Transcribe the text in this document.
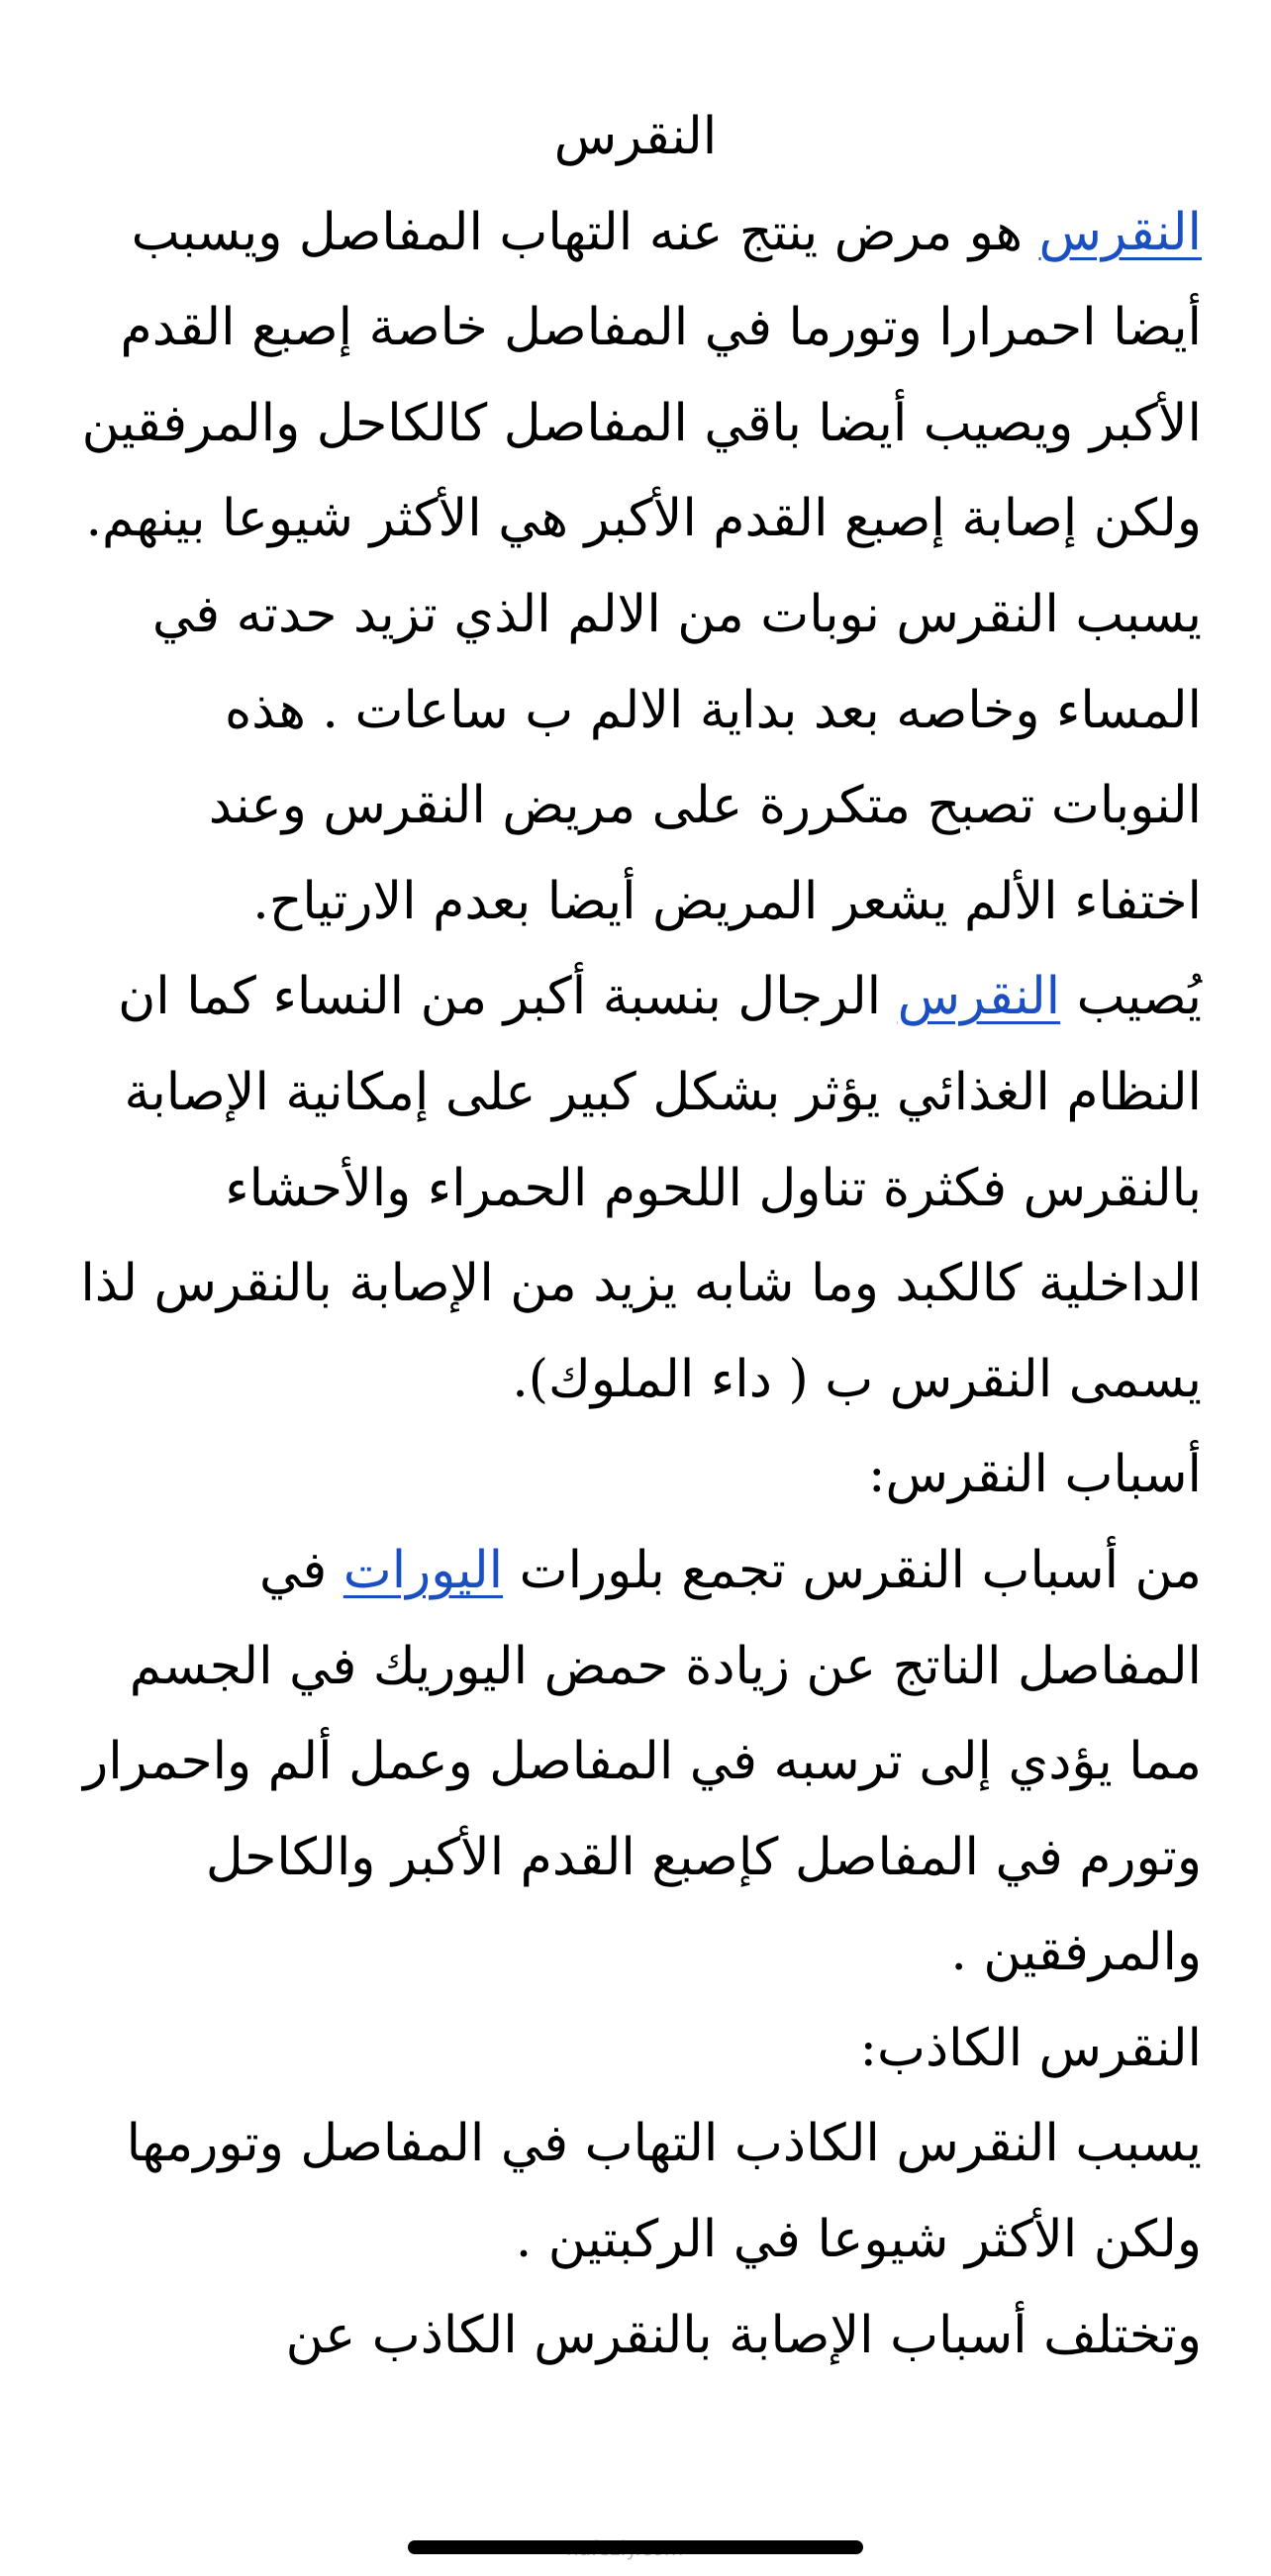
النقرس

النقرس هو مرض ينتج عنه التهاب المفاصل ويسبب أيضا احمرارا وتورما في المفاصل خاصة إصبع القدم الأكبر ويصيب أيضا باقي المفاصل كالكاحل والمرفقين ولكن إصابة إصبع القدم الأكبر هي الأكثر شيوعا بينهم.

يسبب النقرس نوبات من الالم الذي تزيد حدته في المساء وخاصه بعد بداية الالم ب ساعات . هذه النوبات تصبح متكررة على مريض النقرس وعند اختفاء الألم يشعر المريض أيضا بعدم الارتياح.

يُصيب النقرس الرجال بنسبة أكبر من النساء كما ان النظام الغذائي يؤثر بشكل كبير على إمكانية الإصابة بالنقرس فكثرة تناول اللحوم الحمراء والأحشاء الداخلية كالكبد وما شابه يزيد من الإصابة بالنقرس لذا يسمى النقرس ب ( داء الملوك).

أسباب النقرس:

من أسباب النقرس تجمع بلورات اليورات في المفاصل الناتج عن زيادة حمض اليوريك في الجسم مما يؤدي إلى ترسبه في المفاصل وعمل ألم واحمرار وتورم في المفاصل كإصبع القدم الأكبر والكاحل والمرفقين .

النقرس الكاذب:

يسبب النقرس الكاذب التهاب في المفاصل وتورمها ولكن الأكثر شيوعا في الركبتين .

وتختلف أسباب الإصابة بالنقرس الكاذب عن
